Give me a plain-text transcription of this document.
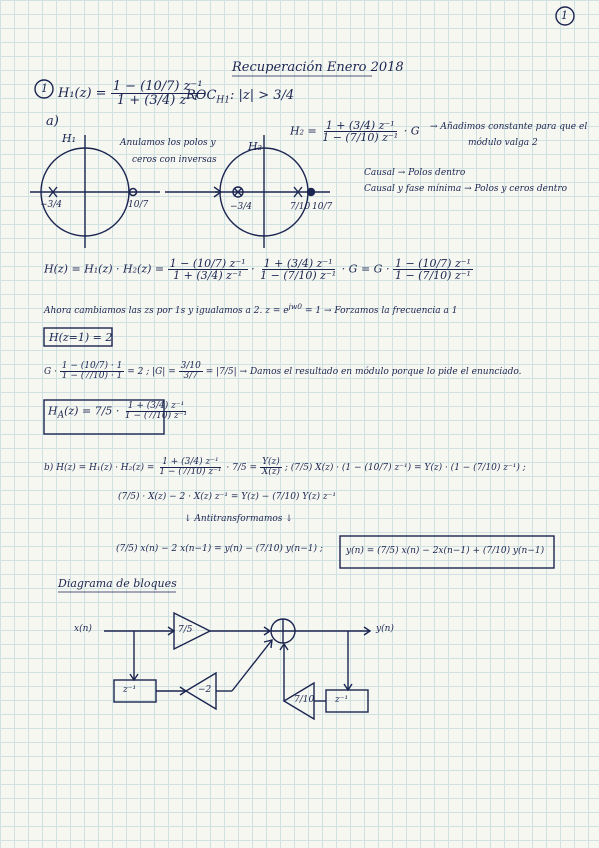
1
Recuperación Enero 2018
1 $H_1(z) = \frac{\text{1 − (10/7) z⁻¹}}{\text{1 + (3/4) z⁻¹}}$
$ROC_{H1}$: |z| > 3/4
a)
H₁
10/7
−3/4
Anulamos los polos y
ceros con inversas
H₂
−3/4	7/10 10/7
$H_2 = \frac{\text{1 + (3/4) z⁻¹}}{\text{1 − (7/10) z⁻¹}} \cdot G$ → Añadimos constante para que el
módulo valga 2
Causal → Polos dentro
Causal y fase mínima → Polos y ceros dentro
$H(z) = H_1(z) \cdot H_2(z) = \frac{\text{1 − (10/7) z⁻¹}}{\text{1 + (3/4) z⁻¹}} \cdot \frac{\text{1 + (3/4) z⁻¹}}{\text{1 − (7/10) z⁻¹}} \cdot G = G \cdot \frac{\text{1 − (10/7) z⁻¹}}{\text{1 − (7/10) z⁻¹}}$
Ahora cambiamos las zs por 1s y igualamos a 2. $z = e^{jw0} = 1$ → Forzamos la frecuencia a 1
H(z=1) = 2
$G \cdot \frac{1 - (10/7) \cdot 1}{1 - (7/10) \cdot 1} = 2$ ; $|G| = \frac{3/10}{3/7} = |7/5|$ → Damos el resultado en módulo porque lo pide el enunciado.
$H_A(z) = 7/5 \cdot \frac{\text{1 + (3/4) z⁻¹}}{\text{1 − (7/10) z⁻¹}}$
b) $H(z) = H_1(z) \cdot H_2(z) = \frac{\text{1 + (3/4) z⁻¹}}{\text{1 − (7/10) z⁻¹}} \cdot 7/5 = \frac{Y(z)}{X(z)}$ ; (7/5) X(z) · (1 − (10/7) z⁻¹) = Y(z) · (1 − (7/10) z⁻¹) ;
(7/5) · X(z) − 2 · X(z) z⁻¹ = Y(z) − (7/10) Y(z) z⁻¹
↓ Antitransformamos ↓
(7/5) x(n) − 2 x(n−1) = y(n) − (7/10) y(n−1) ;	y(n) = (7/5) x(n) − 2x(n−1) + (7/10) y(n−1)
Diagrama de bloques
x(n)	y(n)
7/5
z⁻¹	−2
z⁻¹
7/10
